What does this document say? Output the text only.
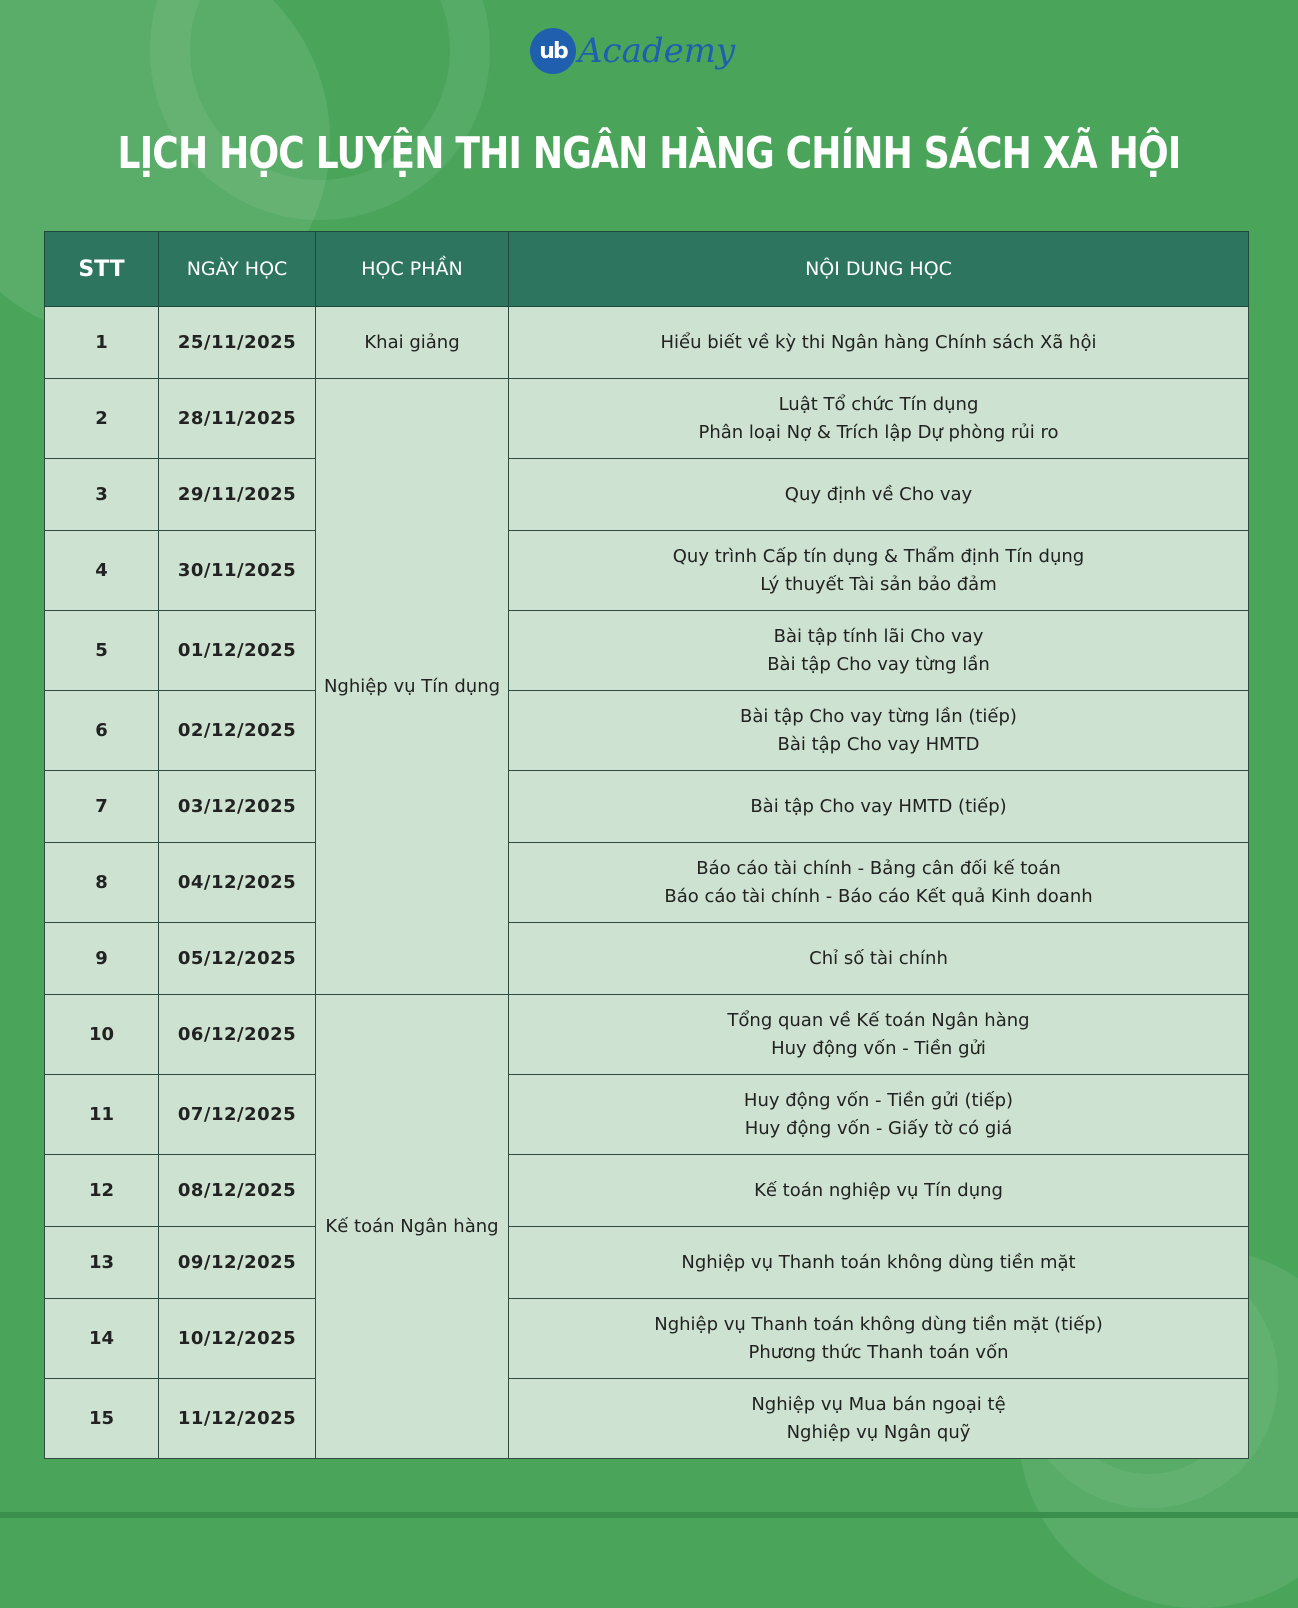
ub Academy
LỊCH HỌC LUYỆN THI NGÂN HÀNG CHÍNH SÁCH XÃ HỘI
STT	NGÀY HỌC	HỌC PHẦN	NỘI DUNG HỌC
1	25/11/2025	Khai giảng	Hiểu biết về kỳ thi Ngân hàng Chính sách Xã hội
2	28/11/2025	Nghiệp vụ Tín dụng	Luật Tổ chức Tín dụng
Phân loại Nợ & Trích lập Dự phòng rủi ro
3	29/11/2025		Quy định về Cho vay
4	30/11/2025		Quy trình Cấp tín dụng & Thẩm định Tín dụng
Lý thuyết Tài sản bảo đảm
5	01/12/2025		Bài tập tính lãi Cho vay
Bài tập Cho vay từng lần
6	02/12/2025		Bài tập Cho vay từng lần (tiếp)
Bài tập Cho vay HMTD
7	03/12/2025		Bài tập Cho vay HMTD (tiếp)
8	04/12/2025		Báo cáo tài chính - Bảng cân đối kế toán
Báo cáo tài chính - Báo cáo Kết quả Kinh doanh
9	05/12/2025		Chỉ số tài chính
10	06/12/2025	Kế toán Ngân hàng	Tổng quan về Kế toán Ngân hàng
Huy động vốn - Tiền gửi
11	07/12/2025		Huy động vốn - Tiền gửi (tiếp)
Huy động vốn - Giấy tờ có giá
12	08/12/2025		Kế toán nghiệp vụ Tín dụng
13	09/12/2025		Nghiệp vụ Thanh toán không dùng tiền mặt
14	10/12/2025		Nghiệp vụ Thanh toán không dùng tiền mặt (tiếp)
Phương thức Thanh toán vốn
15	11/12/2025		Nghiệp vụ Mua bán ngoại tệ
Nghiệp vụ Ngân quỹ
